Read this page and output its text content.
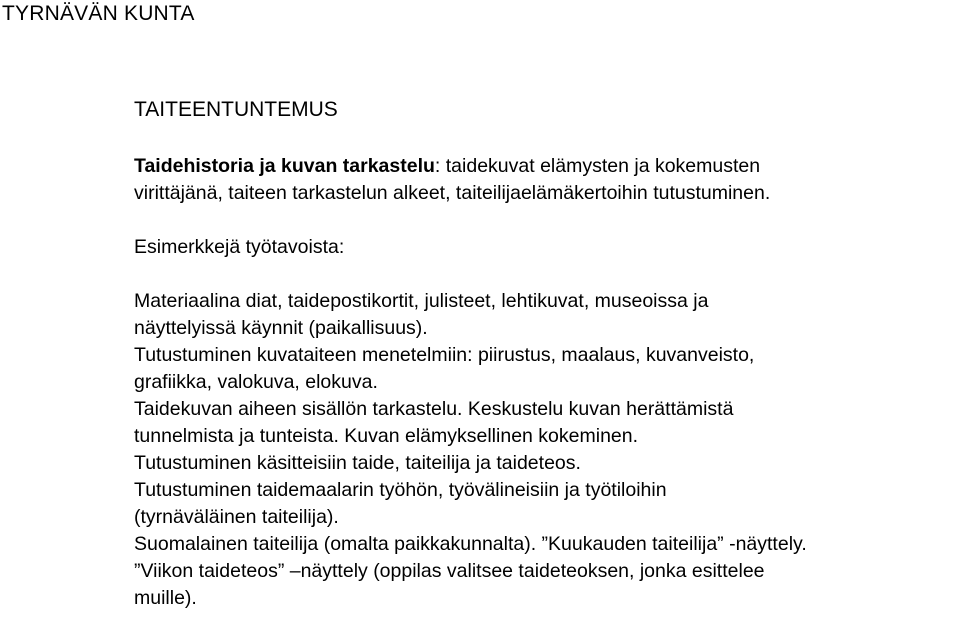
TYRNÄVÄN KUNTA
TAITEENTUNTEMUS
Taidehistoria ja kuvan tarkastelu: taidekuvat elämysten ja kokemusten
virittäjänä, taiteen tarkastelun alkeet, taiteilijaelämäkertoihin tutustuminen.
Esimerkkejä työtavoista:
Materiaalina diat, taidepostikortit, julisteet, lehtikuvat, museoissa ja
näyttelyissä käynnit (paikallisuus).
Tutustuminen kuvataiteen menetelmiin: piirustus, maalaus, kuvanveisto,
grafiikka, valokuva, elokuva.
Taidekuvan aiheen sisällön tarkastelu. Keskustelu kuvan herättämistä
tunnelmista ja tunteista. Kuvan elämyksellinen kokeminen.
Tutustuminen käsitteisiin taide, taiteilija ja taideteos.
Tutustuminen taidemaalarin työhön, työvälineisiin ja työtiloihin
(tyrnäväläinen taiteilija).
Suomalainen taiteilija (omalta paikkakunnalta). ”Kuukauden taiteilija” -näyttely.
”Viikon taideteos” –näyttely (oppilas valitsee taideteoksen, jonka esittelee
muille).
